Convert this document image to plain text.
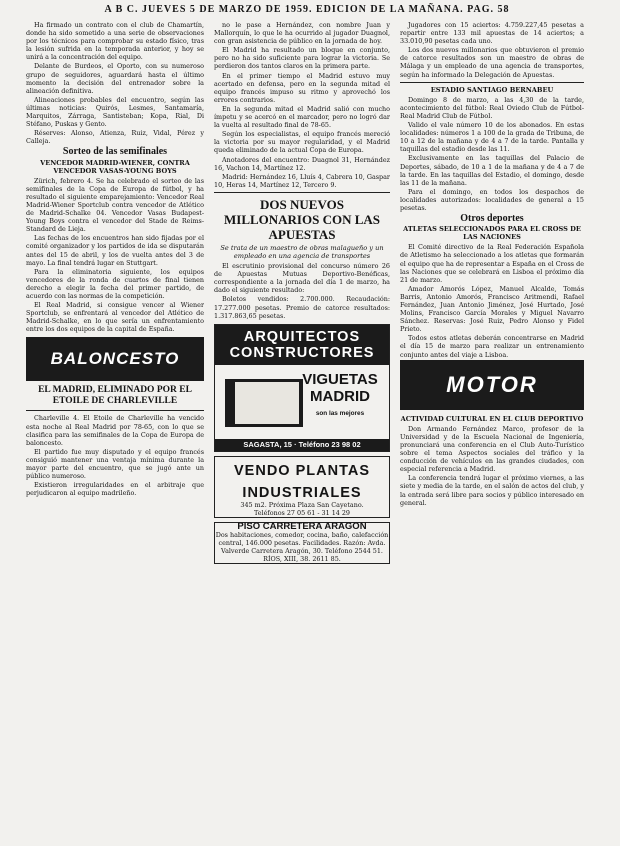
A B C. JUEVES 5 DE MARZO DE 1959. EDICION DE LA MAÑANA. PAG. 58

Ha firmado un contrato con el club de Chamartín, donde ha sido sometido a una serie de observaciones por los técnicos para comprobar su estado físico, tras la lesión sufrida en la temporada anterior, y hoy se unirá a la concentración del equipo.

Delante de Burdeos, el Oporto, con su numeroso grupo de seguidores, aguardará hasta el último momento la decisión del entrenador sobre la alineación definitiva.

Alineaciones probables del encuentro, según las últimas noticias: Quirós, Lesmes, Santamaría, Marquitos, Zárraga, Santisteban; Kopa, Rial, Di Stéfano, Puskas y Gento.

Réserves: Alonso, Atienza, Ruiz, Vidal, Pérez y Calleja.

Sorteo de las semifinales
VENCEDOR MADRID-WIENER, CONTRA VENCEDOR VASAS-YOUNG BOYS

Zürich, febrero 4. Se ha celebrado el sorteo de las semifinales de la Copa de Europa de fútbol, y ha resultado el siguiente emparejamiento: Vencedor Real Madrid-Wiener Sportclub contra vencedor de Atlético de Madrid-Schalke 04. Vencedor Vasas Budapest-Young Boys contra el vencedor del Stade de Reims-Standard de Lieja.

Las fechas de los encuentros han sido fijadas por el comité organizador y los partidos de ida se disputarán antes del 15 de abril, y los de vuelta antes del 3 de mayo. La final tendrá lugar en Stuttgart.

Para la eliminatoria siguiente, los equipos vencedores de la ronda de cuartos de final tienen derecho a elegir la fecha del primer partido, de acuerdo con las normas de la competición.

El Real Madrid, si consigue vencer al Wiener Sportclub, se enfrentará al vencedor del Atlético de Madrid-Schalke, en lo que sería un enfrentamiento entre los dos equipos de la capital de España.

BALONCESTO
EL MADRID, ELIMINADO POR EL ETOILE DE CHARLEVILLE

Charleville 4. El Etoile de Charleville ha vencido esta noche al Real Madrid por 78-65, con lo que se clasifica para las semifinales de la Copa de Europa de baloncesto.

El partido fue muy disputado y el equipo francés consiguió mantener una ventaja mínima durante la mayor parte del encuentro, que se jugó ante un público numeroso.

Existieron irregularidades en el arbitraje que perjudicaron al equipo madrileño.

no le pase a Hernández, con nombre Juan y Mallorquín, lo que le ha ocurrido al jugador Duagnol, con gran asistencia de público en la jornada de hoy.

El Madrid ha resultado un bloque en conjunto, pero no ha sido suficiente para lograr la victoria. Se perdieron dos tantos claros en la primera parte.

En el primer tiempo el Madrid estuvo muy acertado en defensa, pero en la segunda mitad el equipo francés impuso su ritmo y aprovechó los errores contrarios.

En la segunda mitad el Madrid salió con mucho ímpetu y se acercó en el marcador, pero no logró dar la vuelta al resultado final de 78-65.

Según los especialistas, el equipo francés mereció la victoria por su mayor regularidad, y el Madrid queda eliminado de la actual Copa de Europa.

Anotadores del encuentro: Duagnol 31, Hernández 16, Vachon 14, Martínez 12.

Madrid: Hernández 16, Lluís 4, Cabrera 10, Gaspar 10, Heras 14, Martínez 12, Tercero 9.

DOS NUEVOS MILLONARIOS CON LAS APUESTAS
Se trata de un maestro de obras malagueño y un empleado en una agencia de transportes

El escrutinio provisional del concurso número 26 de Apuestas Mutuas Deportivo-Benéficas, correspondiente a la jornada del día 1 de marzo, ha dado el siguiente resultado:

Boletos vendidos: 2.700.000. Recaudación: 17.277.000 pesetas. Premio de catorce resultados: 1.317.863,65 pesetas.

ARQUITECTOS
CONSTRUCTORES
VIGUETAS
MADRID
son las mejores
SAGASTA, 15 · Teléfono 23 98 02
VENDO PLANTAS
INDUSTRIALES
345 m2. Próxima Plaza San Cayetano.
Teléfonos 27 05 61 - 31 14 29
PISO CARRETERA ARAGON
Dos habitaciones, comedor, cocina, baño, calefacción central, 146.000 pesetas. Facilidades. Razón: Avda. Valverde Carretera Aragón, 30. Teléfono 2544 51. RÍOS, XIII, 38. 2611 85.

Jugadores con 15 aciertos: 4.759.227,45 pesetas a repartir entre 133 mil apuestas de 14 aciertos; a 33.010,90 pesetas cada uno.

Los dos nuevos millonarios que obtuvieron el premio de catorce resultados son un maestro de obras de Málaga y un empleado de una agencia de transportes, según ha informado la Delegación de Apuestas.

ESTADIO SANTIAGO BERNABEU

Domingo 8 de marzo, a las 4,30 de la tarde, acontecimiento del fútbol: Real Oviedo Club de Fútbol-Real Madrid Club de Fútbol.

Valido el vale número 10 de los abonados. En estas localidades: números 1 a 100 de la grada de Tribuna, de 10 a 12 de la mañana y de 4 a 7 de la tarde. Pantalla y taquillas del estadio desde las 11.

Exclusivamente en las taquillas del Palacio de Deportes, sábado, de 10 a 1 de la mañana y de 4 a 7 de la tarde. En las taquillas del Estadio, el domingo, desde las 11 de la mañana.

Para el domingo, en todos los despachos de localidades autorizados: localidades de general a 15 pesetas.

Otros deportes
ATLETAS SELECCIONADOS PARA EL CROSS DE LAS NACIONES

El Comité directivo de la Real Federación Española de Atletismo ha seleccionado a los atletas que formarán el equipo que ha de representar a España en el Cross de las Naciones que se celebrará en Lisboa el próximo día 21 de marzo.

Amador Amorós López, Manuel Alcalde, Tomás Barris, Antonio Amorós, Francisco Aritmendi, Rafael Fernández, Juan Antonio Jiménez, José Hurtado, José Molins, Francisco García Morales y Miguel Navarro Sánchez. Reservas: José Ruiz, Pedro Alonso y Fidel Prieto.

Todos estos atletas deberán concentrarse en Madrid el día 15 de marzo para realizar un entrenamiento conjunto antes del viaje a Lisboa.

MOTOR
ACTIVIDAD CULTURAL EN EL CLUB DEPORTIVO

Don Armando Fernández Marco, profesor de la Universidad y de la Escuela Nacional de Ingeniería, pronunciará una conferencia en el Club Auto-Turístico sobre el tema Aspectos sociales del tráfico y la conducción de vehículos en las grandes ciudades, con especial referencia a Madrid.

La conferencia tendrá lugar el próximo viernes, a las siete y media de la tarde, en el salón de actos del club, y la entrada será libre para socios y público interesado en general.
